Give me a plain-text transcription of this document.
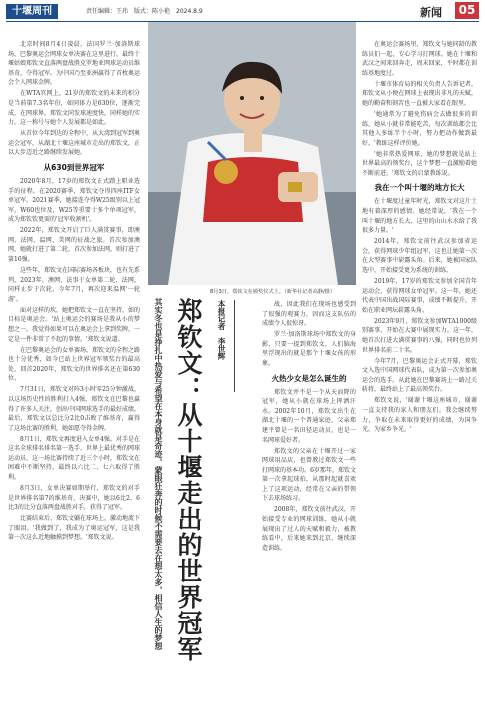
十堰周刊	责任编辑：王玮　版式：陈小艳　2024.8.9	新闻	05

北京时间8月4日凌晨，法国罗兰·加洛斯球场，巴黎奥运会网球女单决赛在这里进行，最终十堰姑娘郑钦文直落两盘战胜克罗地亚网球运动员维基奇，夺得冠军。为中国乃至亚洲赢得了首枚奥运会个人网球金牌。

在WTA官网上，21岁的郑钦文的未来的积分是当前第7.3名年份，如同体力是630位，逐渐完成，在网球界，郑钦文同发球速度快，同样她的实力，这一称号与她个人发展都是如此。

从首位今年到达的全程中，从大湾到冠军到奥运会冠军，从湖北十堰这座城市走出的郑钦文，正以大步迈近之路继续发展她。

从630到世界冠军

2020年8月，17岁的郑钦文正式踏上职业选手的征程。在2020赛季，郑钦文夺得四座ITF女单冠军。2021赛季，她接连夺得W25级别以上冠军，W60也位及，W25等重要十多个单项冠军，成为郑钦钦更需的'冠军收割机'。

2022年，郑钦文开启了巨人满贯赛事，即澳网、法网、温网、美网的征战之旅。首次参加澳网，她就打进了第二轮，首次参加法网，则打进了第16强。

这些年，郑钦文在国际赛场各板块，也有先系列，2023年，澳网，法事于女单第二轮，法网，同样止步于次轮，今年7月，再次迎来温网'一轮游'。

面对这样的坎，她把郑钦文一直在坚持，如的目标是奥运会。'站上奥运会的赛场是我从小的梦想之一。我觉得如果可以在奥运会上拿到奖牌，一定是一件非常了不起的事情。'郑钦文说道。

在巴黎奥运会的女单赛场，郑钦文的全程之路也十分优秀，如今已站上世界冠军领奖台的最高处，回首2020年，郑钦文的世界排名还在第630位。

7月31日，郑钦文对阵3小时零25分钟激战，以这场历史性的胜利打入4强，郑钦文在巴黎也赢得了许多人关注，创出中国网球选手的最好成绩。最后，郑钦文以总比分2比0击败了维基奇，赢得了这场比赛的胜利，她如愿夺得金牌。

8月1日，郑钦文再度进入女单4强。对手是在这名全球排名排名第一选手、世界上最优秀的网球运动员，这一场比赛持续了近三个小时，郑钦文在困难中不断坚持，最终以六比二、七六取得了胜利。

8月3日，女单决赛如期举行，郑钦文的对手是世界排名第7的维基奇，决赛中，她以6比2、6比3的比分直落两盘战胜对手，获得了冠军。

比赛结束后，郑钦文躺在球场上，激动地流下了眼泪。'我做到了，我成为了奥运冠军，这是我第一次这么近地触摸到梦想。'郑钦文说。

8月3日，郑钦文在颁奖仪式上。（新华社记者高静/摄）
本报记者　李世辉
郑钦文：从十堰走出的世界冠军
其实冬也是挣扎中热爱与希望在本身就是奇迹，蒙眼狂奔的时候不需要去在想太多，相信人生的梦想	战，因此我们在现场也感受到了很强的观赛力，因而这支队伍的成绩令人很惊讶。

罗兰·加洛斯球场中郑钦文的身影，只要一提到郑钦文，人们脑海里浮现出的就是那个十堰女孩的形象。

火热少女是怎么诞生的

郑钦文并不是一个从天而降的冠军，她从小就在球场上挥洒汗水。2002年10月，郑钦文出生在湖北十堰的一个普通家庭，父亲郑建平曾是一名田径运动员，也是一名网球爱好者。

郑钦文的父亲在十堰开过一家网球用品店，也曾教过郑钦文一些打网球的基本功。6岁那年，郑钦文第一次拿起球拍，从那时起就喜欢上了这项运动，经常在父亲的带领下去球场练习。

2008年，郑钦文前往武汉，开始接受专业的网球训练，她从小就展现出了过人的天赋和毅力，被教练看中，后来她来到北京，继续深造训练。

在奥运会赛场里，郑钦文与她同龄的教练员们一起，专心学习打网球。她在十堰和武汉之间来回奔走，周末回家，平时都在训练基地度过。

十堰市体育局的相关负责人告诉记者，郑钦文从小便在网球上表现出非凡的天赋，她的勤奋和刻苦也一直被大家看在眼里。

'她通常为了避免伤病会去做很多的训练，她从小就非常能吃苦，每次训练都会比其他人多练半个小时，努力把动作做到最好。'教练这样评价她。

'她非常热爱网球，她的梦想就是站上世界最高的领奖台，这个梦想一直激励着她不断前进。'郑钦文的启蒙教练说。

我在一个叫十堰的地方长大

在十堰度过童年时光，郑钦文对这片土地有着深厚的感情。她经常说，'我在一个叫十堰的地方长大，这里的山山水水给了我很多力量。'

2014年，郑钦文前往武汉参加省运会，获得网球少年组冠军，这也让她第一次在大型赛事中崭露头角。后来，她被国家队选中，开始接受更为系统的训练。

2019年，17岁的郑钦文参加全国青年运动会，获得网球女单冠军。这一年，她还代表中国出战国际赛事，成绩不断提升，开始在职业网坛崭露头角。

2023年9月，郑钦文参加WTA1000级别赛事，开始在大赛中展现实力。这一年，她首次打进大满贯赛事的八强，同时也位列世界排名前二十名。

今年7月，巴黎奥运会正式开幕，郑钦文入选中国网球代表队，成为第一次参加奥运会的选手。从此她在巴黎赛场上一路过关斩将，最终站上了最高领奖台。

郑钦文说，'谢谢十堰这座城市，谢谢一直支持我的家人和朋友们。我会继续努力，争取在未来取得更好的成绩，为国争光，为家乡争光。'
